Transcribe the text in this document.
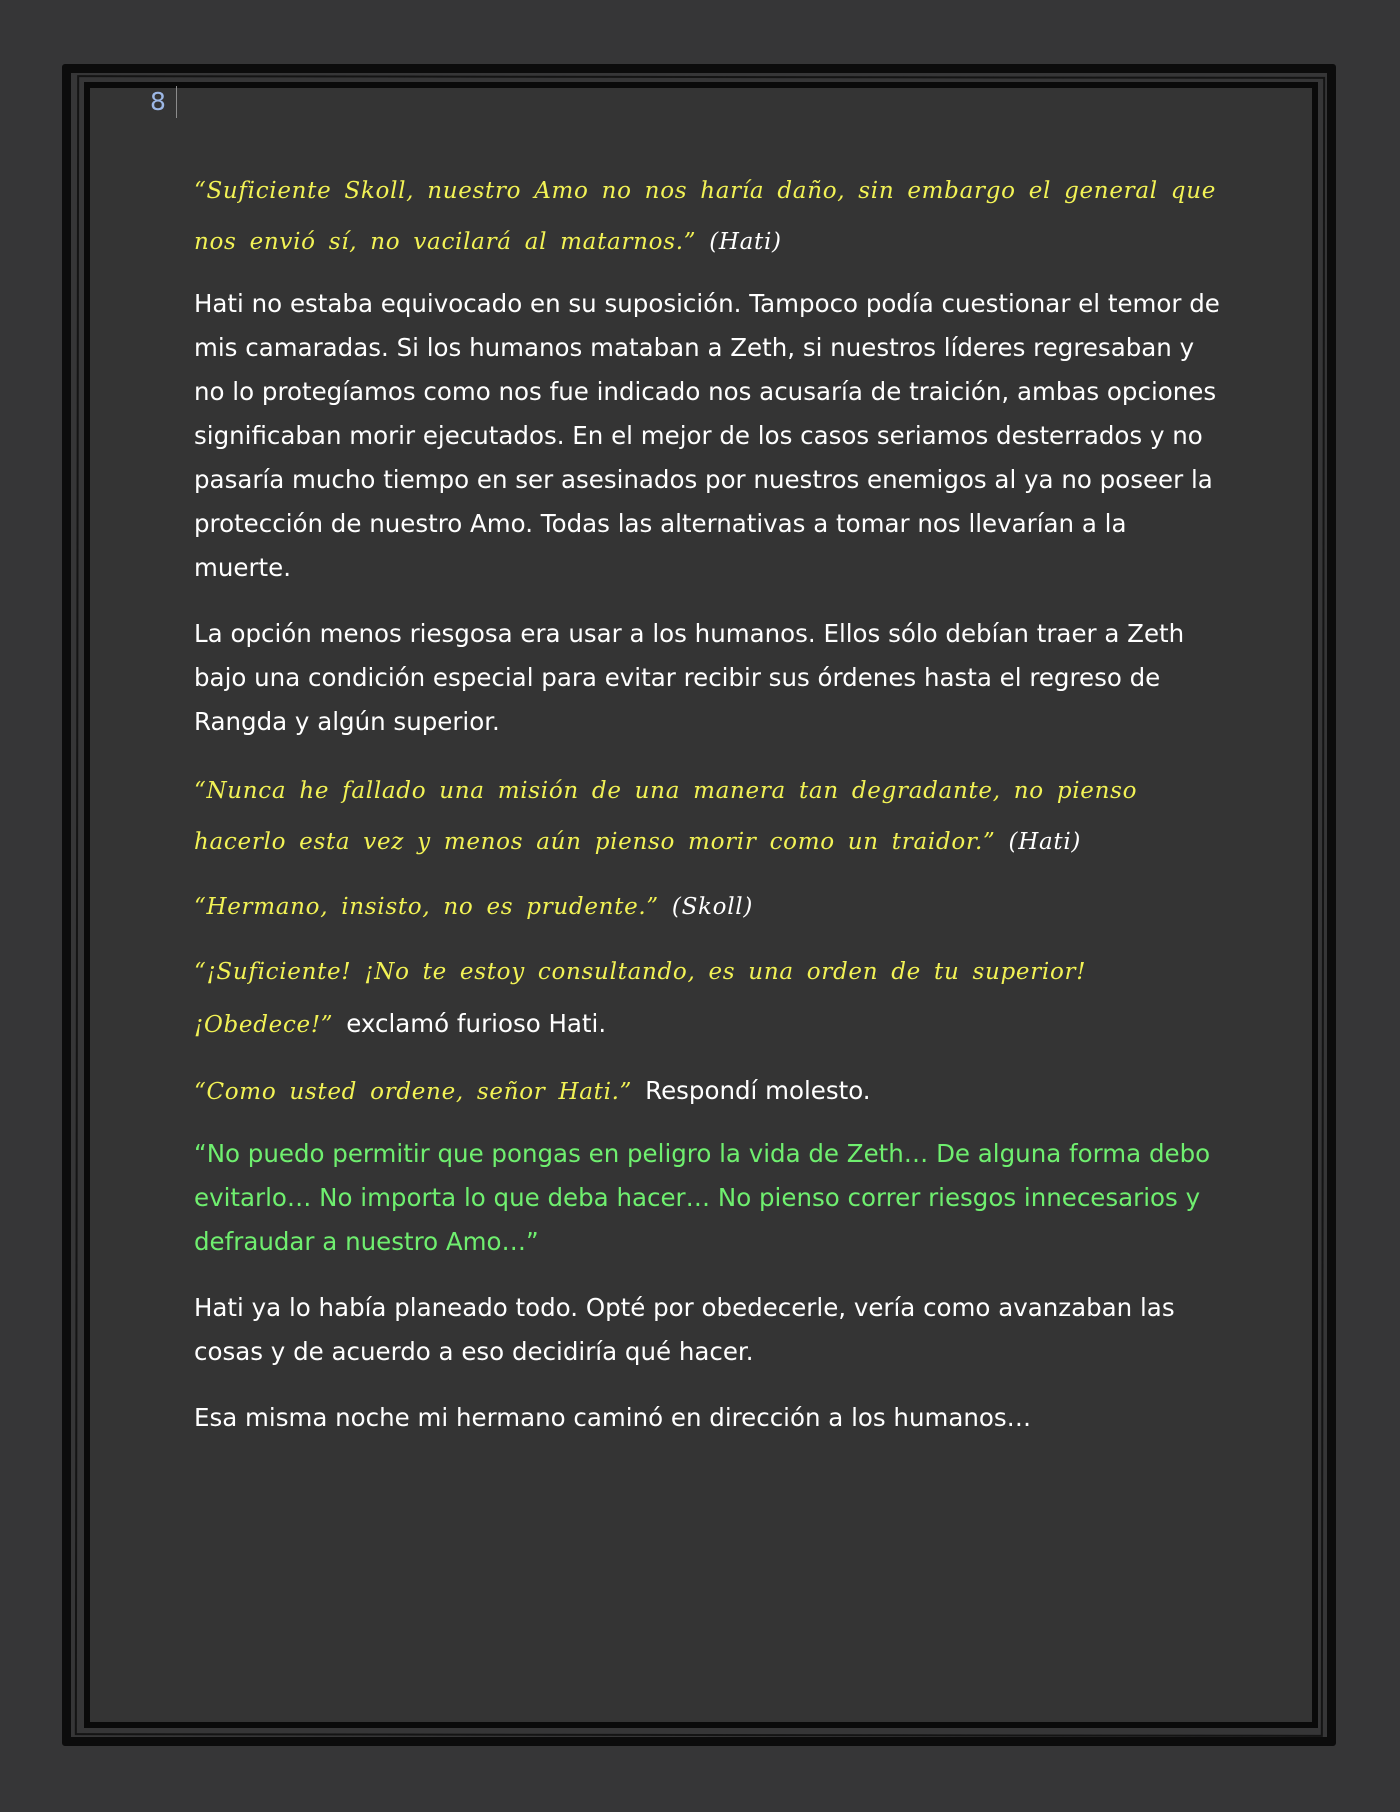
8

“Suficiente Skoll, nuestro Amo no nos haría daño, sin embargo el general que nos envió sí, no vacilará al matarnos.” (Hati)

Hati no estaba equivocado en su suposición. Tampoco podía cuestionar el temor de mis camaradas. Si los humanos mataban a Zeth, si nuestros líderes regresaban y no lo protegíamos como nos fue indicado nos acusaría de traición, ambas opciones significaban morir ejecutados. En el mejor de los casos seriamos desterrados y no pasaría mucho tiempo en ser asesinados por nuestros enemigos al ya no poseer la protección de nuestro Amo. Todas las alternativas a tomar nos llevarían a la muerte.

La opción menos riesgosa era usar a los humanos. Ellos sólo debían traer a Zeth bajo una condición especial para evitar recibir sus órdenes hasta el regreso de Rangda y algún superior.

“Nunca he fallado una misión de una manera tan degradante, no pienso hacerlo esta vez y menos aún pienso morir como un traidor.” (Hati)

“Hermano, insisto, no es prudente.” (Skoll)

“¡Suficiente! ¡No te estoy consultando, es una orden de tu superior! ¡Obedece!” exclamó furioso Hati.

“Como usted ordene, señor Hati.” Respondí molesto.

“No puedo permitir que pongas en peligro la vida de Zeth… De alguna forma debo evitarlo… No importa lo que deba hacer… No pienso correr riesgos innecesarios y defraudar a nuestro Amo…”

Hati ya lo había planeado todo. Opté por obedecerle, vería como avanzaban las cosas y de acuerdo a eso decidiría qué hacer.

Esa misma noche mi hermano caminó en dirección a los humanos…
